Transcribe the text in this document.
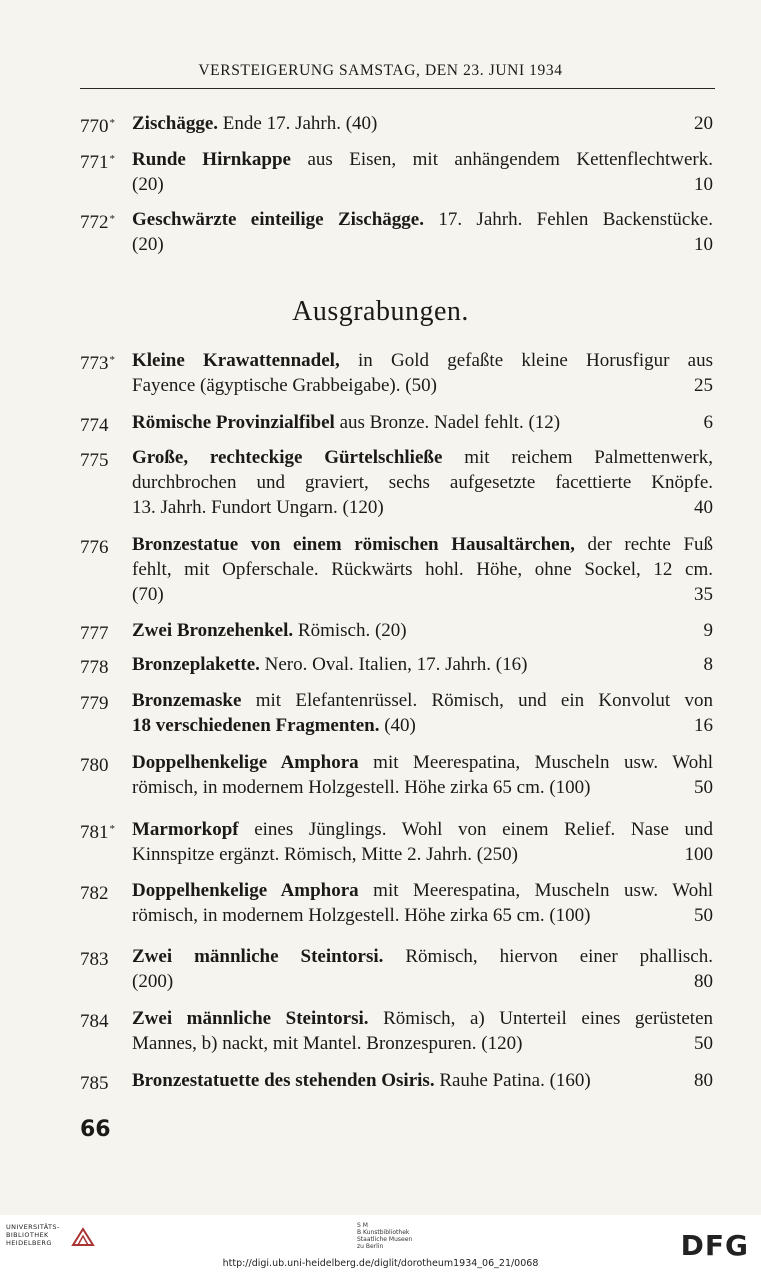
VERSTEIGERUNG SAMSTAG, DEN 23. JUNI 1934
770* Zischägge. Ende 17. Jahrh. (40)	20
771* Runde Hirnkappe aus Eisen, mit anhängendem Kettenflechtwerk.
(20)	10
772* Geschwärzte einteilige Zischägge. 17. Jahrh. Fehlen Backenstücke.
(20)	10
Ausgrabungen.
773* Kleine Krawattennadel, in Gold gefaßte kleine Horusfigur aus
Fayence (ägyptische Grabbeigabe). (50)	25
774 Römische Provinzialfibel aus Bronze. Nadel fehlt. (12)	6
775 Große, rechteckige Gürtelschließe mit reichem Palmettenwerk,
durchbrochen und graviert, sechs aufgesetzte facettierte Knöpfe.
13. Jahrh. Fundort Ungarn. (120)	40
776 Bronzestatue von einem römischen Hausaltärchen, der rechte Fuß
fehlt, mit Opferschale. Rückwärts hohl. Höhe, ohne Sockel, 12 cm.
(70)	35
777 Zwei Bronzehenkel. Römisch. (20)	9
778 Bronzeplakette. Nero. Oval. Italien, 17. Jahrh. (16)	8
779 Bronzemaske mit Elefantenrüssel. Römisch, und ein Konvolut von
18 verschiedenen Fragmenten. (40)	16
780 Doppelhenkelige Amphora mit Meerespatina, Muscheln usw. Wohl
römisch, in modernem Holzgestell. Höhe zirka 65 cm. (100)	50
781* Marmorkopf eines Jünglings. Wohl von einem Relief. Nase und
Kinnspitze ergänzt. Römisch, Mitte 2. Jahrh. (250)	100
782 Doppelhenkelige Amphora mit Meerespatina, Muscheln usw. Wohl
römisch, in modernem Holzgestell. Höhe zirka 65 cm. (100)	50
783 Zwei männliche Steintorsi. Römisch, hiervon einer phallisch.
(200)	80
784 Zwei männliche Steintorsi. Römisch, a) Unterteil eines gerüsteten
Mannes, b) nackt, mit Mantel. Bronzespuren. (120)	50
785 Bronzestatuette des stehenden Osiris. Rauhe Patina. (160)	80
66
UNIVERSITÄTS-
BIBLIOTHEK
HEIDELBERG
S M
B Kunstbibliothek
Staatliche Museen
zu Berlin	DFG
http://digi.ub.uni-heidelberg.de/diglit/dorotheum1934_06_21/0068
